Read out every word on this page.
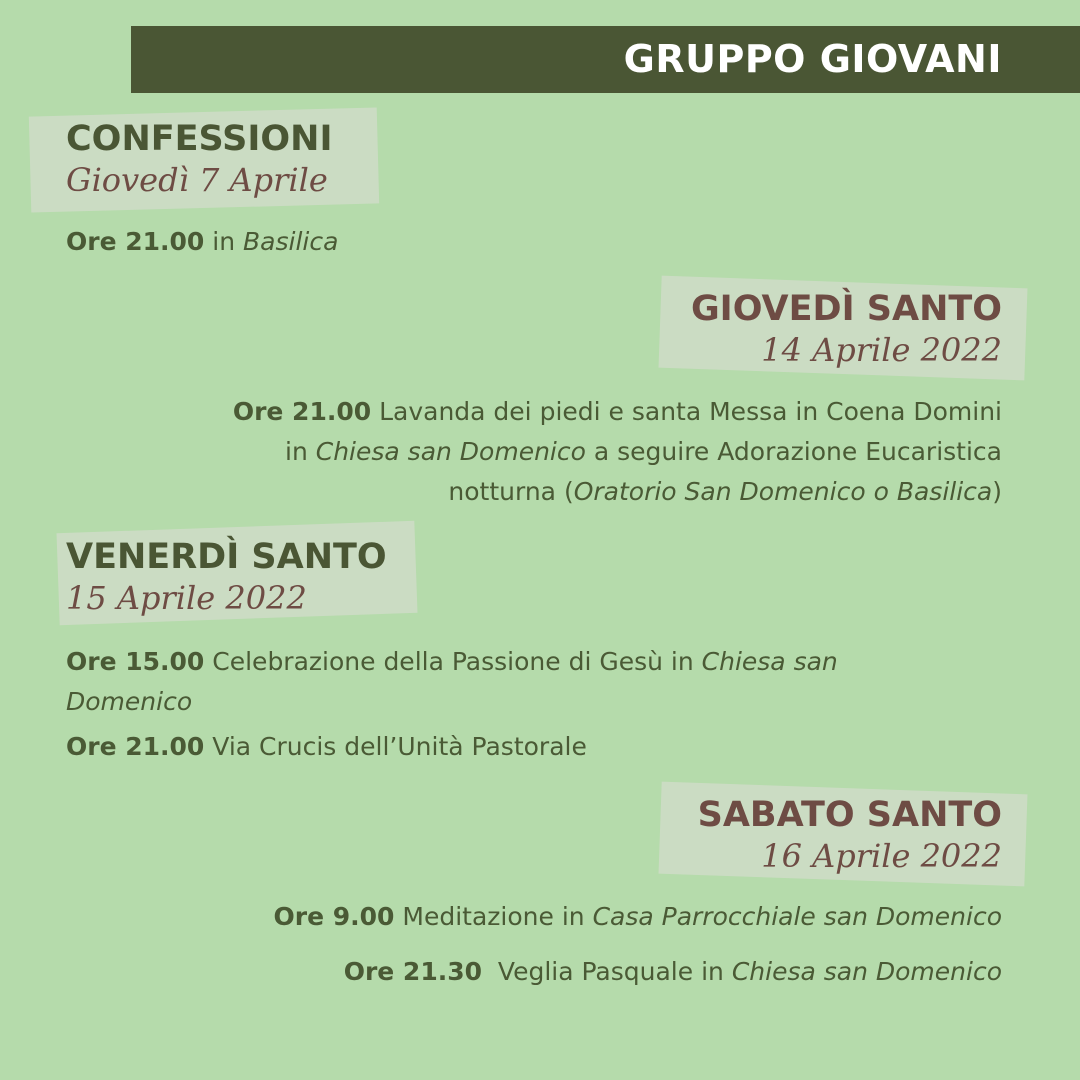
GRUPPO GIOVANI
CONFESSIONI
Giovedì 7 Aprile
Ore 21.00 in Basilica
GIOVEDÌ SANTO
14 Aprile 2022
Ore 21.00 Lavanda dei piedi e santa Messa in Coena Domini
in Chiesa san Domenico a seguire Adorazione Eucaristica
notturna (Oratorio San Domenico o Basilica)
VENERDÌ SANTO
15 Aprile 2022
Ore 15.00 Celebrazione della Passione di Gesù in Chiesa san
Domenico
Ore 21.00 Via Crucis dell’Unità Pastorale
SABATO SANTO
16 Aprile 2022
Ore 9.00 Meditazione in Casa Parrocchiale san Domenico
Ore 21.30  Veglia Pasquale in Chiesa san Domenico
